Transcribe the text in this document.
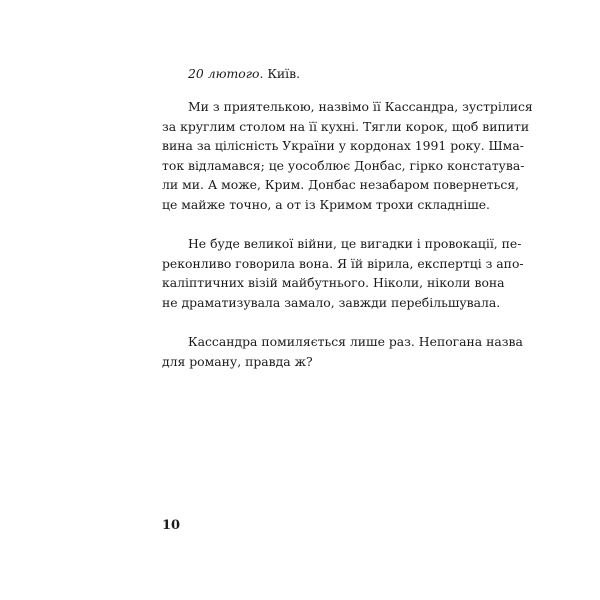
20 лютого. Київ.

Ми з приятелькою, назвімо її Кассандра, зустрілися
за круглим столом на її кухні. Тягли корок, щоб випити
вина за цілісність України у кордонах 1991 року. Шма-
ток відламався; це уособлює Донбас, гірко констатува-
ли ми. А може, Крим. Донбас незабаром повернеться,
це майже точно, а от із Кримом трохи складніше.

Не буде великої війни, це вигадки і провокації, пе-
реконливо говорила вона. Я їй вірила, експертці з апо-
каліптичних візій майбутнього. Ніколи, ніколи вона
не драматизувала замало, завжди перебільшувала.

Кассандра помиляється лише раз. Непогана назва
для роману, правда ж?

10
